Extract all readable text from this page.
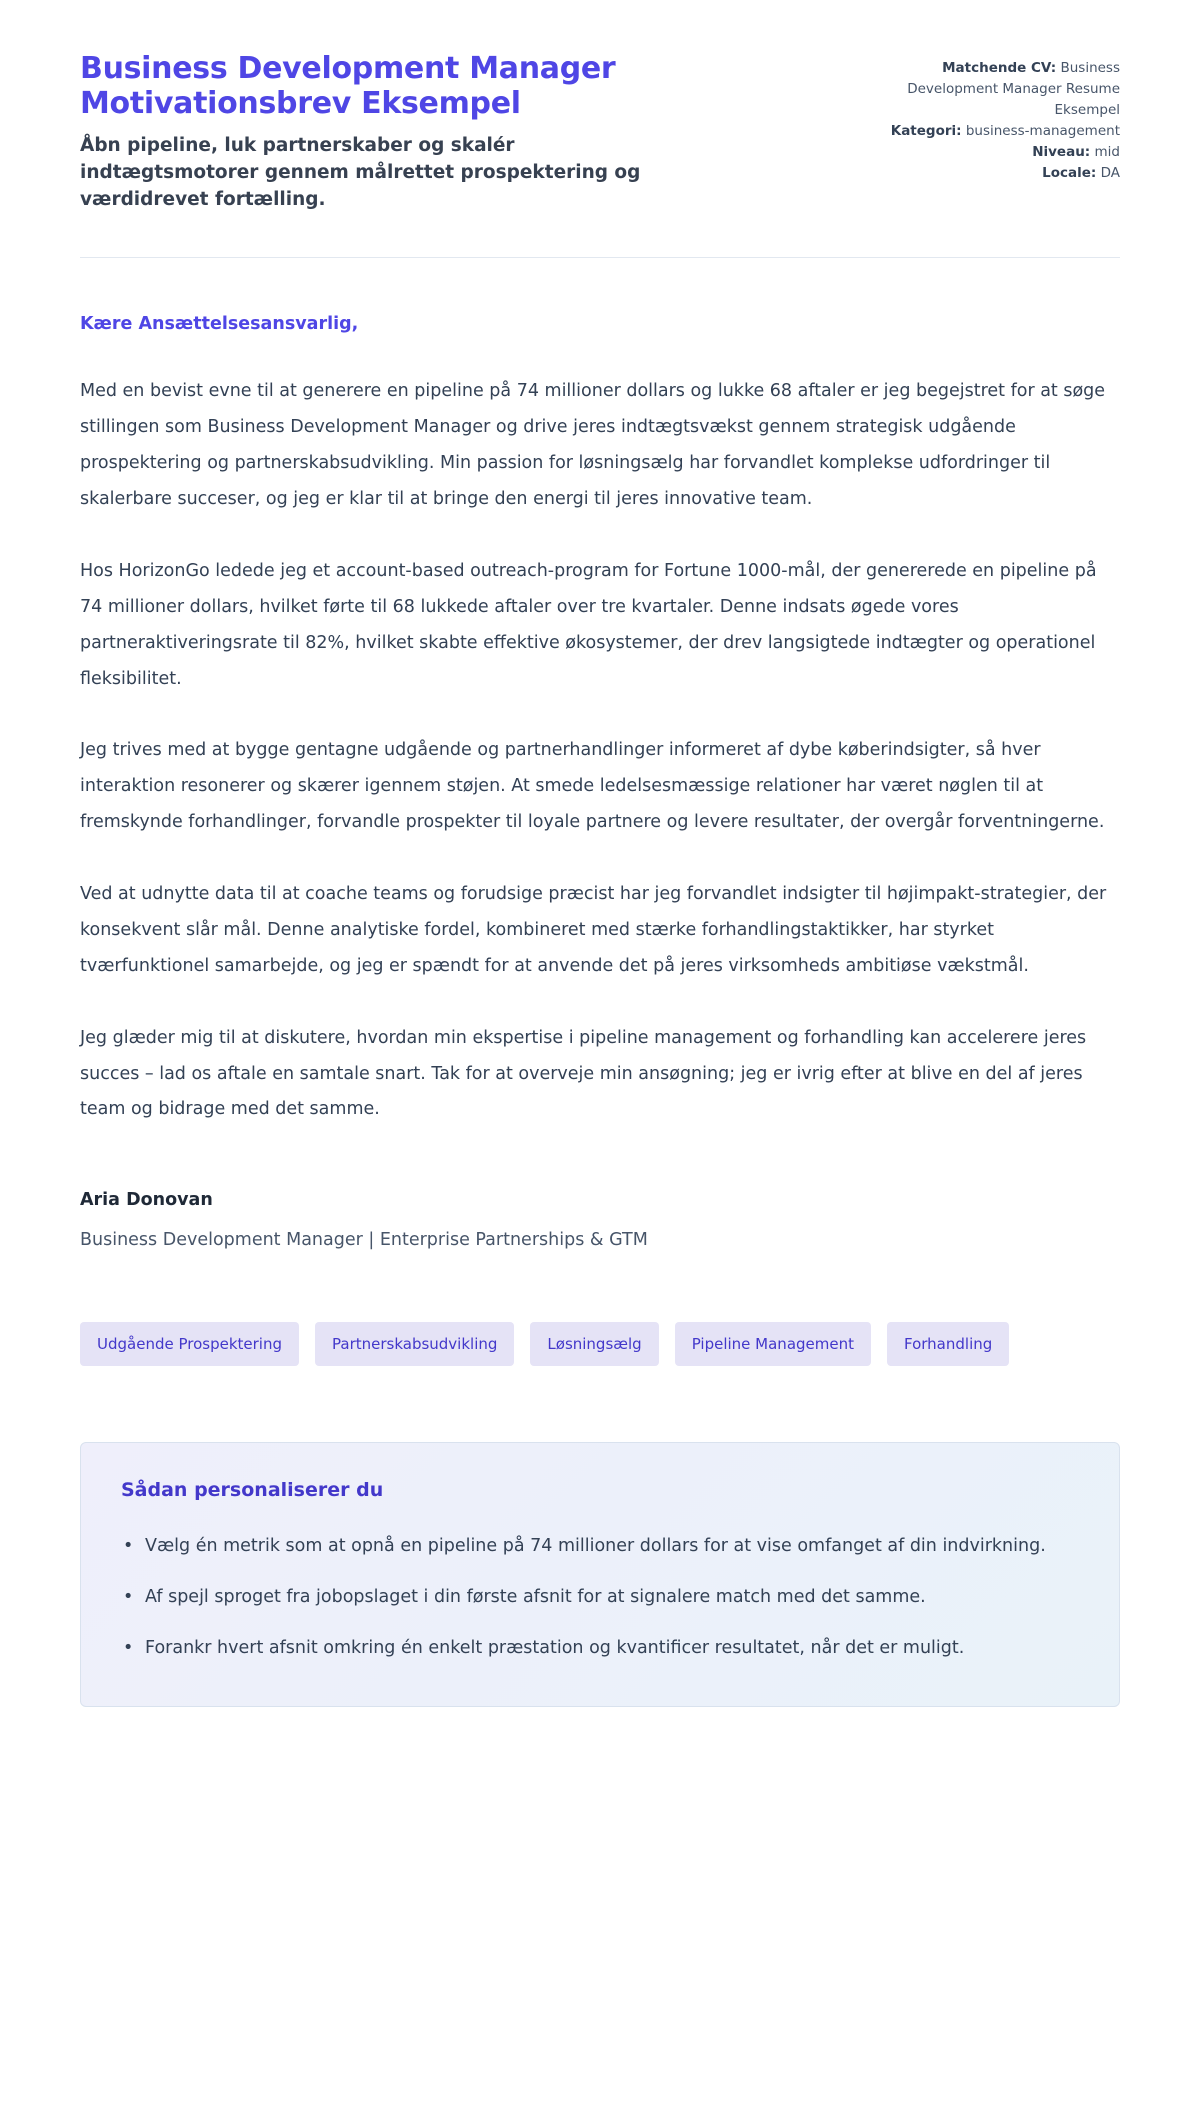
Business Development Manager Motivationsbrev Eksempel

Åbn pipeline, luk partnerskaber og skalér indtægtsmotorer gennem målrettet prospektering og værdidrevet fortælling.

Matchende CV: Business Development Manager Resume Eksempel
Kategori: business-management
Niveau: mid
Locale: DA

Kære Ansættelsesansvarlig,

Med en bevist evne til at generere en pipeline på 74 millioner dollars og lukke 68 aftaler er jeg begejstret for at søge stillingen som Business Development Manager og drive jeres indtægtsvækst gennem strategisk udgående prospektering og partnerskabsudvikling. Min passion for løsningsælg har forvandlet komplekse udfordringer til skalerbare succeser, og jeg er klar til at bringe den energi til jeres innovative team.

Hos HorizonGo ledede jeg et account-based outreach-program for Fortune 1000-mål, der genererede en pipeline på 74 millioner dollars, hvilket førte til 68 lukkede aftaler over tre kvartaler. Denne indsats øgede vores partneraktiveringsrate til 82%, hvilket skabte effektive økosystemer, der drev langsigtede indtægter og operationel fleksibilitet.

Jeg trives med at bygge gentagne udgående og partnerhandlinger informeret af dybe køberindsigter, så hver interaktion resonerer og skærer igennem støjen. At smede ledelsesmæssige relationer har været nøglen til at fremskynde forhandlinger, forvandle prospekter til loyale partnere og levere resultater, der overgår forventningerne.

Ved at udnytte data til at coache teams og forudsige præcist har jeg forvandlet indsigter til højimpakt-strategier, der konsekvent slår mål. Denne analytiske fordel, kombineret med stærke forhandlingstaktikker, har styrket tværfunktionel samarbejde, og jeg er spændt for at anvende det på jeres virksomheds ambitiøse vækstmål.

Jeg glæder mig til at diskutere, hvordan min ekspertise i pipeline management og forhandling kan accelerere jeres succes – lad os aftale en samtale snart. Tak for at overveje min ansøgning; jeg er ivrig efter at blive en del af jeres team og bidrage med det samme.

Aria Donovan

Business Development Manager | Enterprise Partnerships & GTM

Udgående Prospektering	Partnerskabsudvikling	Løsningsælg	Pipeline Management	Forhandling
Sådan personaliserer du
• Vælg én metrik som at opnå en pipeline på 74 millioner dollars for at vise omfanget af din indvirkning.
• Af spejl sproget fra jobopslaget i din første afsnit for at signalere match med det samme.
• Forankr hvert afsnit omkring én enkelt præstation og kvantificer resultatet, når det er muligt.
